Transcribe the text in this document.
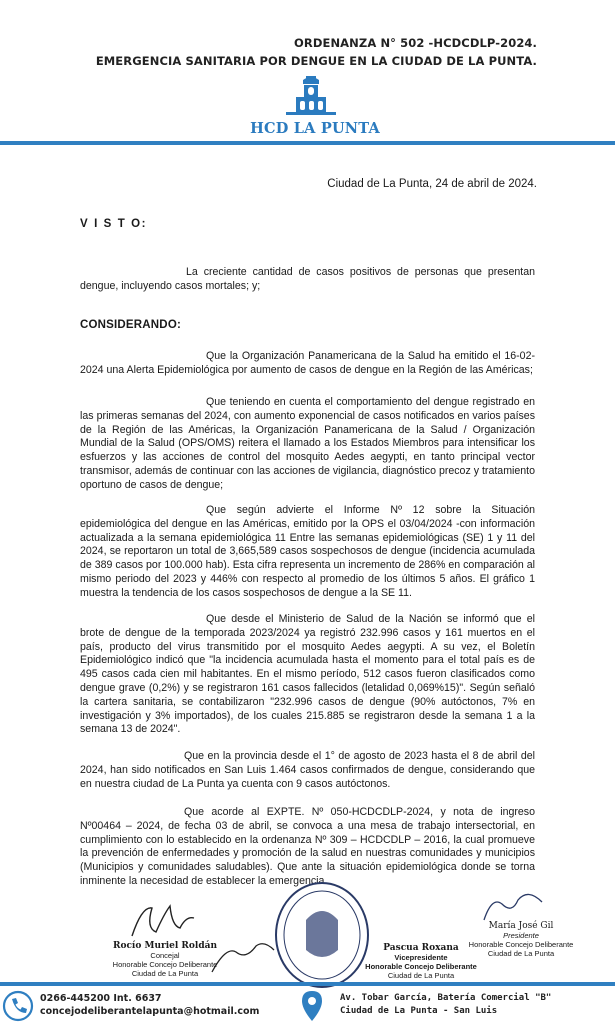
ORDENANZA N° 502 -HCDCDLP-2024.
EMERGENCIA SANITARIA POR DENGUE EN LA CIUDAD DE LA PUNTA.
HCD LA PUNTA
Ciudad de La Punta, 24 de abril de 2024.
V I S T O:
La creciente cantidad de casos positivos de personas que presentan dengue, incluyendo casos mortales; y;
CONSIDERANDO:
Que la Organización Panamericana de la Salud ha emitido el 16-02-2024 una Alerta Epidemiológica por aumento de casos de dengue en la Región de las Américas;
Que teniendo en cuenta el comportamiento del dengue registrado en las primeras semanas del 2024, con aumento exponencial de casos notificados en varios países de la Región de las Américas, la Organización Panamericana de la Salud / Organización Mundial de la Salud (OPS/OMS) reitera el llamado a los Estados Miembros para intensificar los esfuerzos y las acciones de control del mosquito Aedes aegypti, en tanto principal vector transmisor, además de continuar con las acciones de vigilancia, diagnóstico precoz y tratamiento oportuno de casos de dengue;
Que según advierte el Informe Nº 12 sobre la Situación epidemiológica del dengue en las Américas, emitido por la OPS el 03/04/2024 -con información actualizada a la semana epidemiológica 11 Entre las semanas epidemiológicas (SE) 1 y 11 del 2024, se reportaron un total de 3,665,589 casos sospechosos de dengue (incidencia acumulada de 389 casos por 100.000 hab). Esta cifra representa un incremento de 286% en comparación al mismo periodo del 2023 y 446% con respecto al promedio de los últimos 5 años. El gráfico 1 muestra la tendencia de los casos sospechosos de dengue a la SE 11.
Que desde el Ministerio de Salud de la Nación se informó que el brote de dengue de la temporada 2023/2024 ya registró 232.996 casos y 161 muertos en el país, producto del virus transmitido por el mosquito Aedes aegypti. A su vez, el Boletín Epidemiológico indicó que "la incidencia acumulada hasta el momento para el total país es de 495 casos cada cien mil habitantes. En el mismo período, 512 casos fueron clasificados como dengue grave (0,2%) y se registraron 161 casos fallecidos (letalidad 0,069%15)". Según señaló la cartera sanitaria, se contabilizaron "232.996 casos de dengue (90% autóctonos, 7% en investigación y 3% importados), de los cuales 215.885 se registraron desde la semana 1 a la semana 13 de 2024".
Que en la provincia desde el 1° de agosto de 2023 hasta el 8 de abril del 2024, han sido notificados en San Luis 1.464 casos confirmados de dengue, considerando que en nuestra ciudad de La Punta ya cuenta con 9 casos autóctonos.
Que acorde al EXPTE. Nº 050-HCDCDLP-2024, y nota de ingreso Nº00464 – 2024, de fecha 03 de abril, se convoca a una mesa de trabajo intersectorial, en cumplimiento con lo establecido en la ordenanza Nº 309 – HCDCDLP – 2016, la cual promueve la prevención de enfermedades y promoción de la salud en nuestras comunidades y municipios (Municipios y comunidades saludables). Que ante la situación epidemiológica donde se torna inminente la necesidad de establecer la emergencia
Rocío Muriel Roldán
Concejal
Honorable Concejo Deliberante
Ciudad de La Punta
Pascua Roxana
Vicepresidente
Honorable Concejo Deliberante
Ciudad de La Punta
María José Gil
Presidente
Honorable Concejo Deliberante
Ciudad de La Punta
0266-445200 Int. 6637
concejodeliberantelapunta@hotmail.com
Av. Tobar García, Batería Comercial "B"
Ciudad de La Punta - San Luis
